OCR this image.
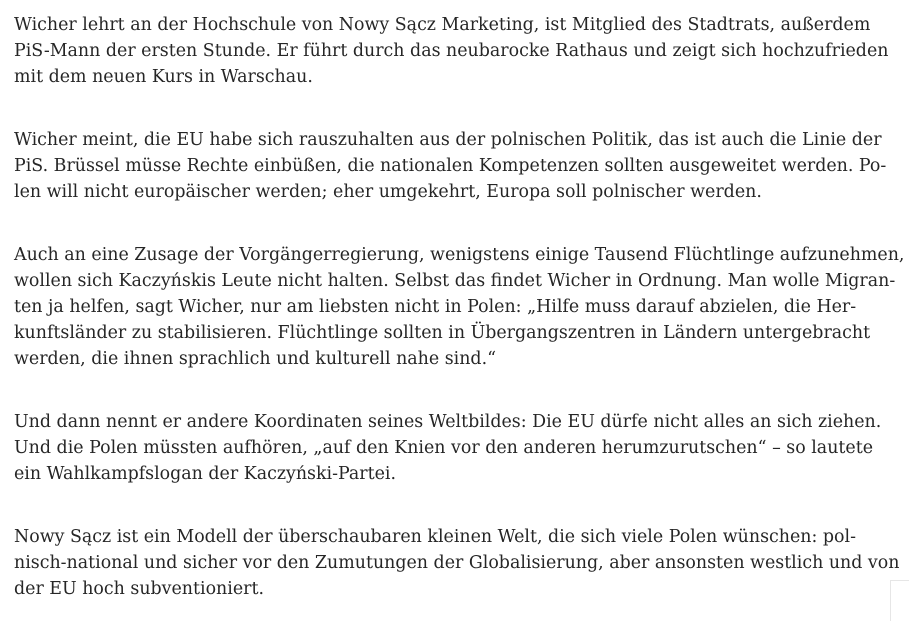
Wicher lehrt an der Hochschule von Nowy Sącz Marketing, ist Mitglied des Stadtrats, außerdem
PiS-Mann der ersten Stunde. Er führt durch das neubarocke Rathaus und zeigt sich hochzufrieden
mit dem neuen Kurs in Warschau.

Wicher meint, die EU habe sich rauszuhalten aus der polnischen Politik, das ist auch die Linie der
PiS. Brüssel müsse Rechte einbüßen, die nationalen Kompetenzen sollten ausgeweitet werden. Po-
len will nicht europäischer werden; eher umgekehrt, Europa soll polnischer werden.

Auch an eine Zusage der Vorgängerregierung, wenigstens einige Tausend Flüchtlinge aufzunehmen,
wollen sich Kaczyńskis Leute nicht halten. Selbst das findet Wicher in Ordnung. Man wolle Migran-
ten ja helfen, sagt Wicher, nur am liebsten nicht in Polen: „Hilfe muss darauf abzielen, die Her-
kunftsländer zu stabilisieren. Flüchtlinge sollten in Übergangszentren in Ländern untergebracht
werden, die ihnen sprachlich und kulturell nahe sind.“

Und dann nennt er andere Koordinaten seines Weltbildes: Die EU dürfe nicht alles an sich ziehen.
Und die Polen müssten aufhören, „auf den Knien vor den anderen herumzurutschen“ – so lautete
ein Wahlkampfslogan der Kaczyński-Partei.

Nowy Sącz ist ein Modell der überschaubaren kleinen Welt, die sich viele Polen wünschen: pol-
nisch-national und sicher vor den Zumutungen der Globalisierung, aber ansonsten westlich und von
der EU hoch subventioniert.
